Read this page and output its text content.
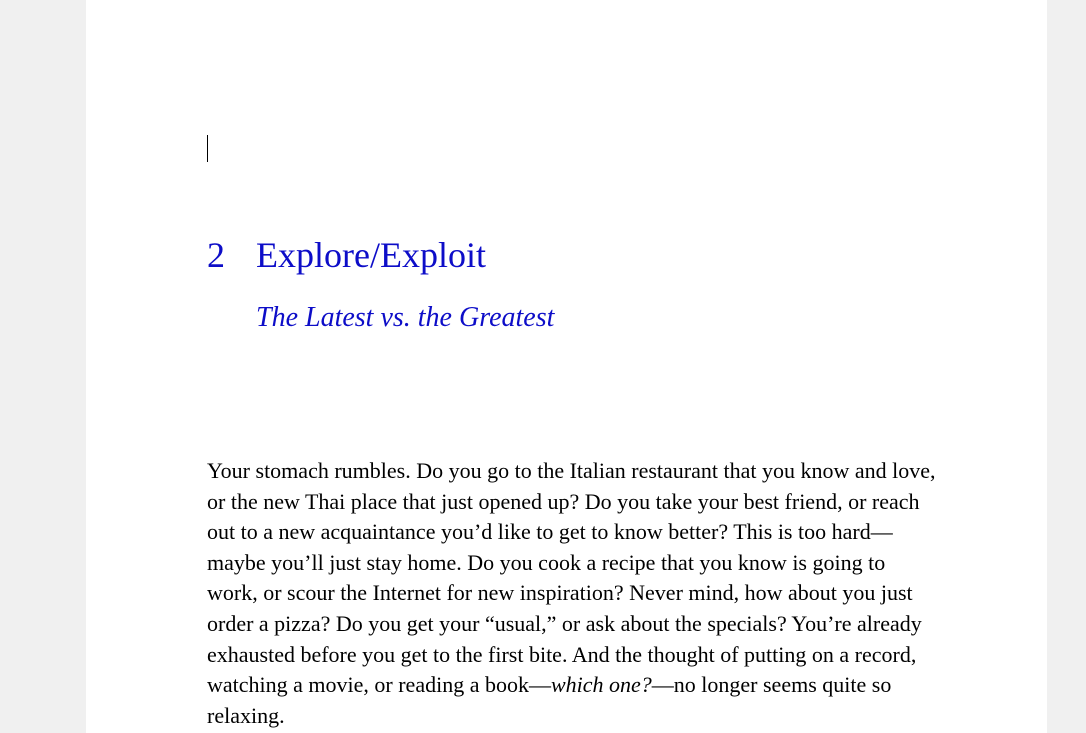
2 Explore/Exploit
The Latest vs. the Greatest

Your stomach rumbles. Do you go to the Italian restaurant that you know and love, or the new Thai place that just opened up? Do you take your best friend, or reach out to a new acquaintance you’d like to get to know better? This is too hard—maybe you’ll just stay home. Do you cook a recipe that you know is going to work, or scour the Internet for new inspiration? Never mind, how about you just order a pizza? Do you get your “usual,” or ask about the specials? You’re already exhausted before you get to the first bite. And the thought of putting on a record, watching a movie, or reading a book—which one?—no longer seems quite so relaxing.
